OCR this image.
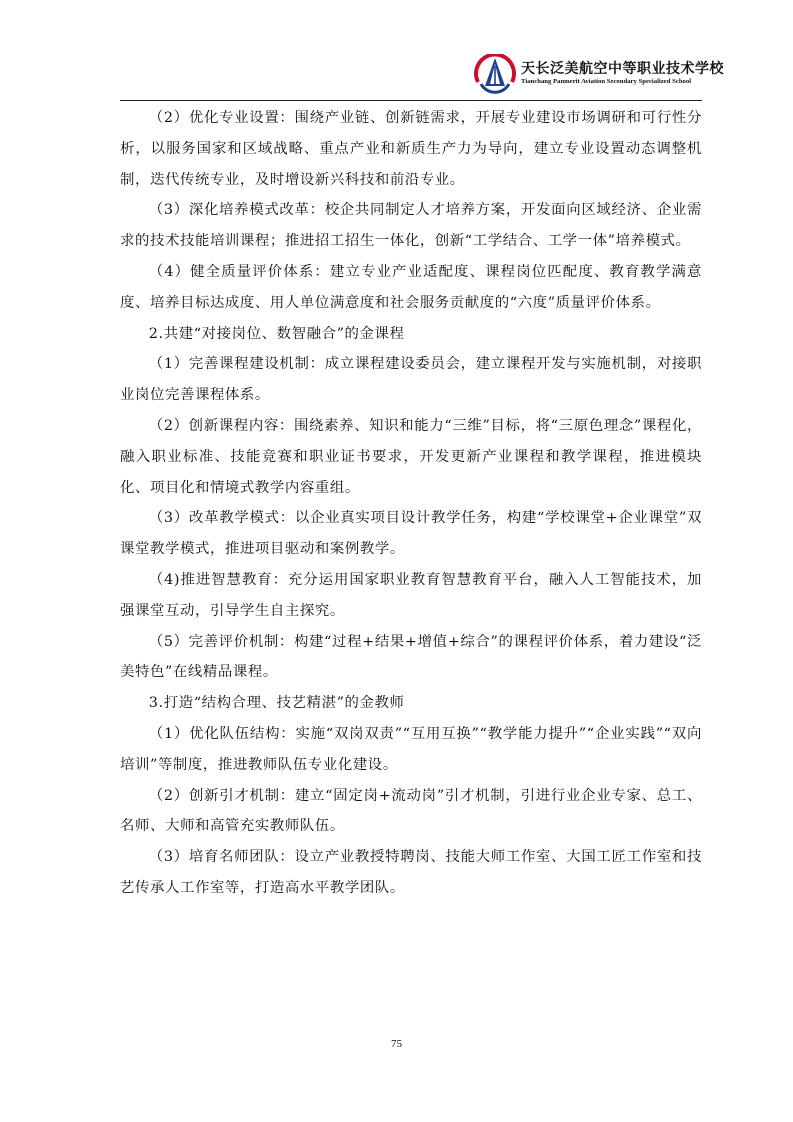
天长泛美航空中等职业技术学校
Tianchang Panmerit Aviation Secondary Specialized School

（2）优化专业设置：围绕产业链、创新链需求，开展专业建设市场调研和可行性分析，以服务国家和区域战略、重点产业和新质生产力为导向，建立专业设置动态调整机制，迭代传统专业，及时增设新兴科技和前沿专业。

（3）深化培养模式改革：校企共同制定人才培养方案，开发面向区域经济、企业需求的技术技能培训课程；推进招工招生一体化，创新“工学结合、工学一体”培养模式。

（4）健全质量评价体系：建立专业产业适配度、课程岗位匹配度、教育教学满意度、培养目标达成度、用人单位满意度和社会服务贡献度的“六度”质量评价体系。

2.共建“对接岗位、数智融合”的金课程

（1）完善课程建设机制：成立课程建设委员会，建立课程开发与实施机制，对接职业岗位完善课程体系。

（2）创新课程内容：围绕素养、知识和能力“三维”目标，将“三原色理念”课程化，融入职业标准、技能竞赛和职业证书要求，开发更新产业课程和教学课程，推进模块化、项目化和情境式教学内容重组。

（3）改革教学模式：以企业真实项目设计教学任务，构建“学校课堂+企业课堂”双课堂教学模式，推进项目驱动和案例教学。

（4)推进智慧教育：充分运用国家职业教育智慧教育平台，融入人工智能技术，加强课堂互动，引导学生自主探究。

（5）完善评价机制：构建“过程+结果+增值+综合”的课程评价体系，着力建设“泛美特色”在线精品课程。

3.打造“结构合理、技艺精湛”的金教师

（1）优化队伍结构：实施“双岗双责”“互用互换”“教学能力提升”“企业实践”“双向培训”等制度，推进教师队伍专业化建设。

（2）创新引才机制：建立“固定岗+流动岗”引才机制，引进行业企业专家、总工、名师、大师和高管充实教师队伍。

（3）培育名师团队：设立产业教授特聘岗、技能大师工作室、大国工匠工作室和技艺传承人工作室等，打造高水平教学团队。

75
